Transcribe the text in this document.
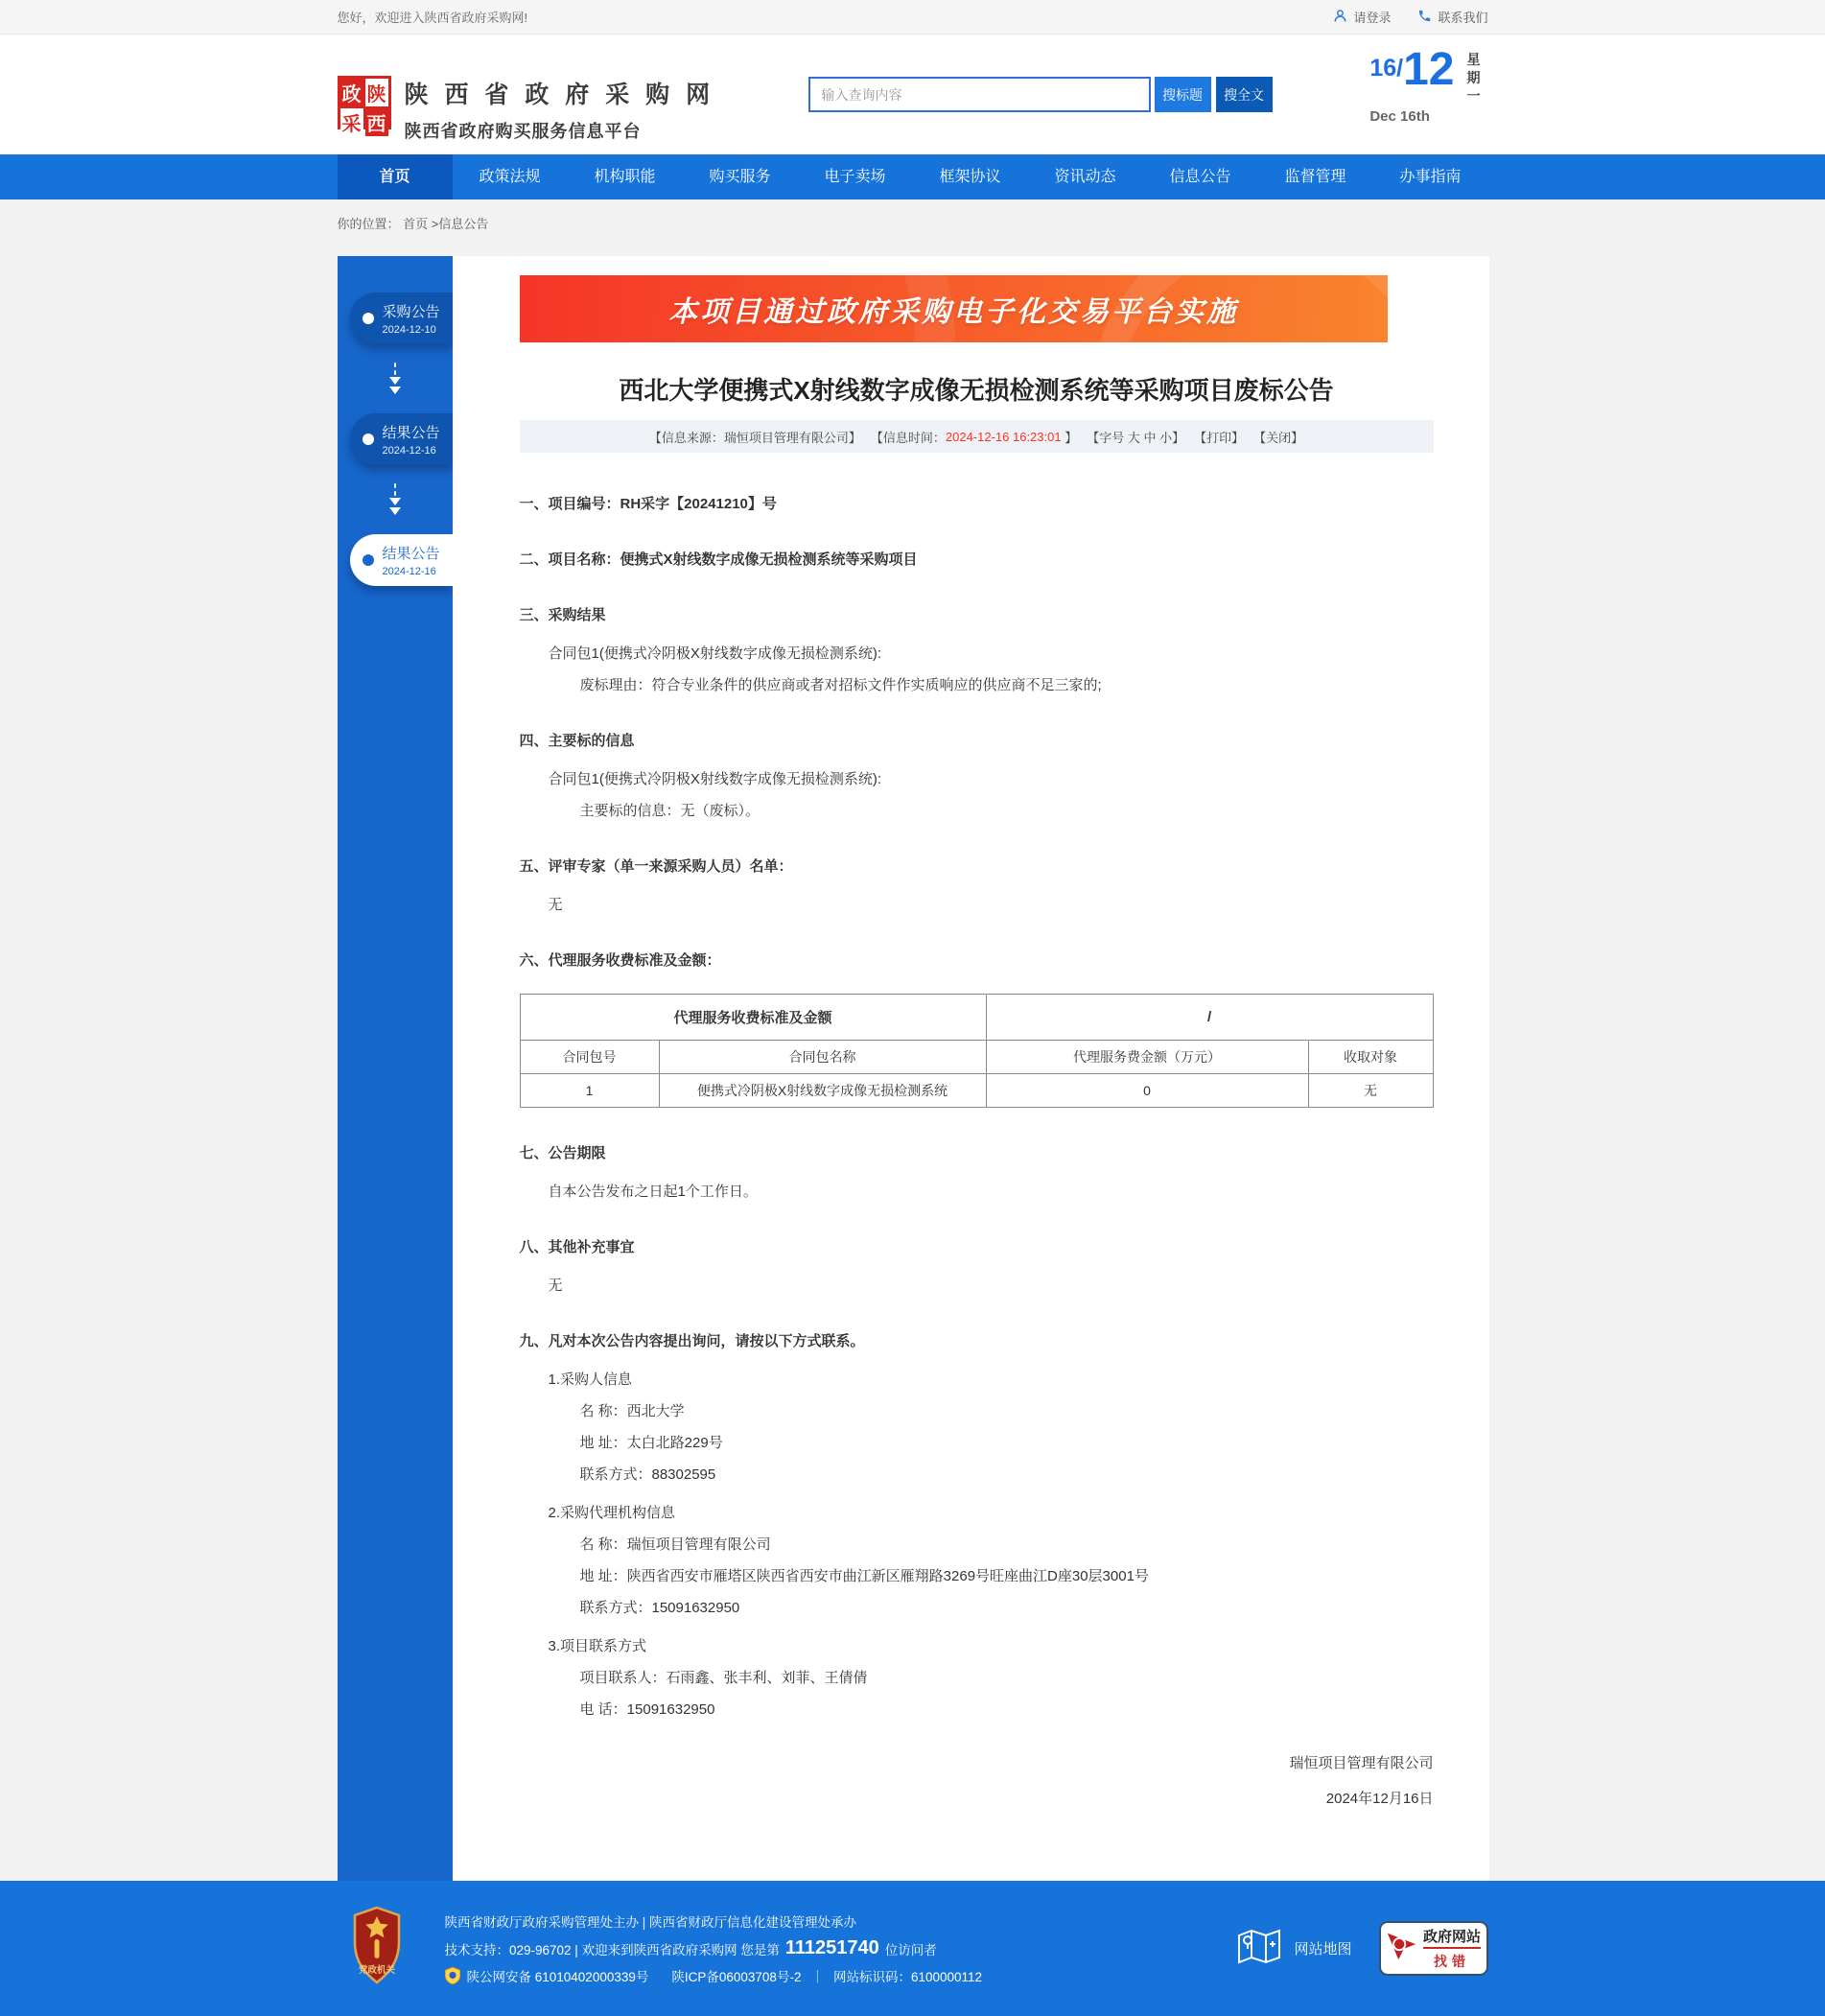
您好，欢迎进入陕西省政府采购网!	请登录	联系我们
政 陕
采 西
陕 西 省 政 府 采 购 网
陕西省政府购买服务信息平台
输入查询内容
搜标题	搜全文
16 / 12 星期一
Dec 16th
首页	政策法规	机构职能	购买服务	电子卖场	框架协议	资讯动态	信息公告	监督管理	办事指南
你的位置： 首页 >信息公告
采购公告
2024-12-10
结果公告
2024-12-16
结果公告
2024-12-16
本项目通过政府采购电子化交易平台实施
西北大学便携式X射线数字成像无损检测系统等采购项目废标公告
【信息来源：瑞恒项目管理有限公司】 【信息时间： 2024-12-16 16:23:01 】 【字号 大
中
小 】 【打印】 【关闭】

一、项目编号：RH采字【20241210】号

二、项目名称：便携式X射线数字成像无损检测系统等采购项目

三、采购结果

合同包1(便携式冷阴极X射线数字成像无损检测系统):

废标理由：符合专业条件的供应商或者对招标文件作实质响应的供应商不足三家的;

四、主要标的信息

合同包1(便携式冷阴极X射线数字成像无损检测系统):

主要标的信息：无（废标）。

五、评审专家（单一来源采购人员）名单：

无

六、代理服务收费标准及金额：

代理服务收费标准及金额		/	
合同包号	合同包名称	代理服务费金额（万元）	收取对象
1	便携式冷阴极X射线数字成像无损检测系统	0	无

七、公告期限

自本公告发布之日起1个工作日。

八、其他补充事宜

无

九、凡对本次公告内容提出询问，请按以下方式联系。

1.采购人信息

名 称：西北大学

地 址：太白北路229号

联系方式：88302595

2.采购代理机构信息

名 称：瑞恒项目管理有限公司

地 址：陕西省西安市雁塔区陕西省西安市曲江新区雁翔路3269号旺座曲江D座30层3001号

联系方式：15091632950

3.项目联系方式

项目联系人：石雨鑫、张丰利、刘菲、王倩倩

电 话：15091632950

瑞恒项目管理有限公司

2024年12月16日

党政机关
陕西省财政厅政府采购管理处主办 | 陕西省财政厅信息化建设管理处承办
技术支持：029-96702 | 欢迎来到陕西省政府采购网 您是第 111251740 位访问者
陕公网安备 61010402000339号 陕ICP备06003708号-2 ｜ 网站标识码：6100000112
网站地图
政府网站
找错
